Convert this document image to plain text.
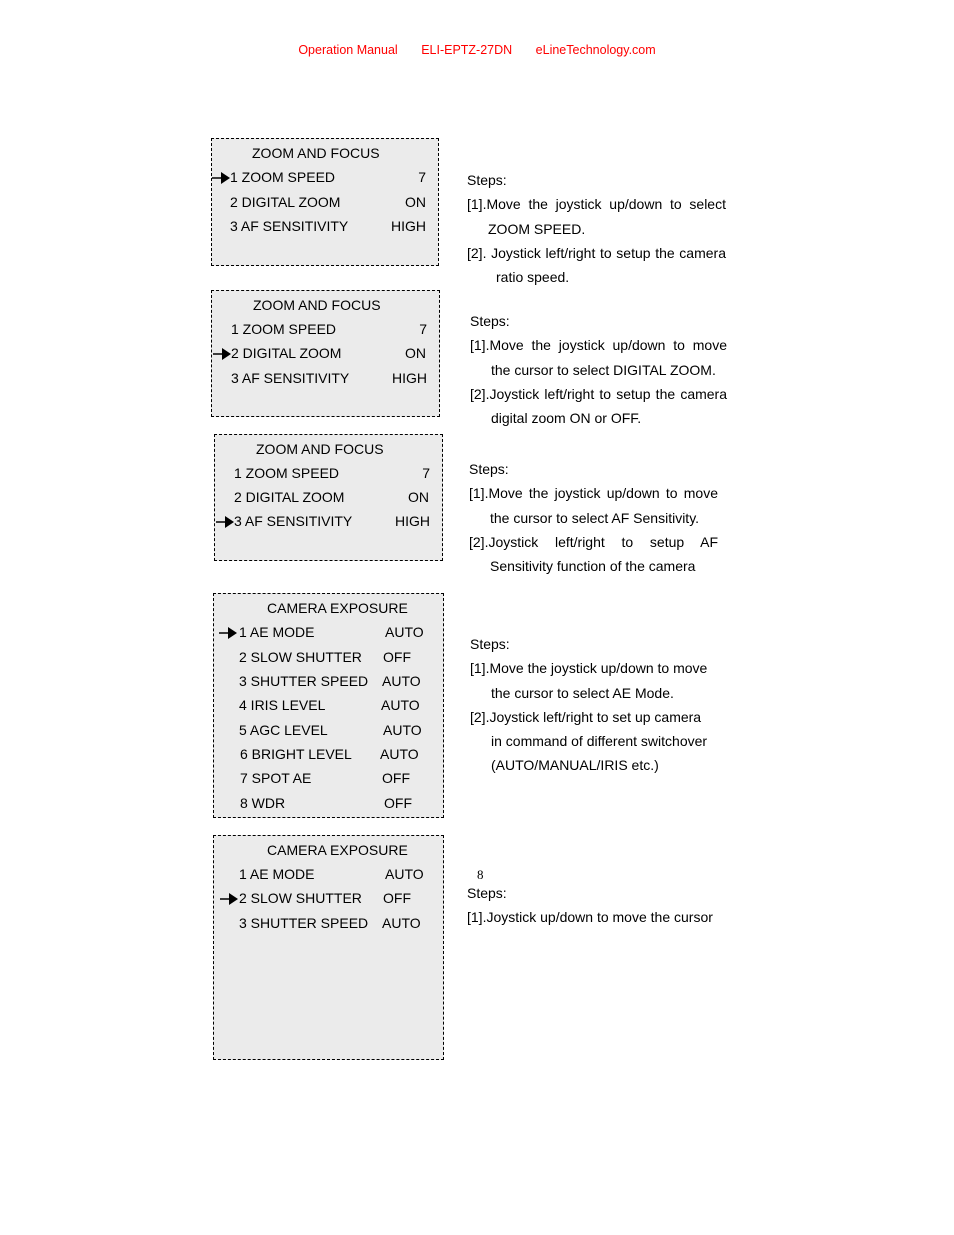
Operation Manual ELI-EPTZ-27DN eLineTechnology.com
ZOOM AND FOCUS
1 ZOOM SPEED	7
2 DIGITAL ZOOM	ON
3 AF SENSITIVITY	HIGH
ZOOM AND FOCUS
1 ZOOM SPEED	7
2 DIGITAL ZOOM	ON
3 AF SENSITIVITY	HIGH
ZOOM AND FOCUS
1 ZOOM SPEED	7
2 DIGITAL ZOOM	ON
3 AF SENSITIVITY	HIGH
CAMERA EXPOSURE
1 AE MODE	AUTO
2 SLOW SHUTTER OFF
3 SHUTTER SPEED AUTO
4 IRIS LEVEL	AUTO
5 AGC LEVEL	AUTO
6 BRIGHT LEVEL AUTO
7 SPOT AE	OFF
8 WDR	OFF
CAMERA EXPOSURE
1 AE MODE	AUTO
2 SLOW SHUTTER OFF
3 SHUTTER SPEED AUTO

Steps:

[1].Move the joystick up/down to select

ZOOM SPEED.

[2]. Joystick left/right to setup the camera

ratio speed.

Steps:

[1].Move the joystick up/down to move

the cursor to select DIGITAL ZOOM.

[2].Joystick left/right to setup the camera

digital zoom ON or OFF.

Steps:

[1].Move the joystick up/down to move

the cursor to select AF Sensitivity.

[2].Joystick left/right to setup AF

Sensitivity function of the camera

Steps:

[1].Move the joystick up/down to move

the cursor to select AE Mode.

[2].Joystick left/right to set up camera

in command of different switchover

(AUTO/MANUAL/IRIS etc.)

8

Steps:

[1].Joystick up/down to move the cursor
